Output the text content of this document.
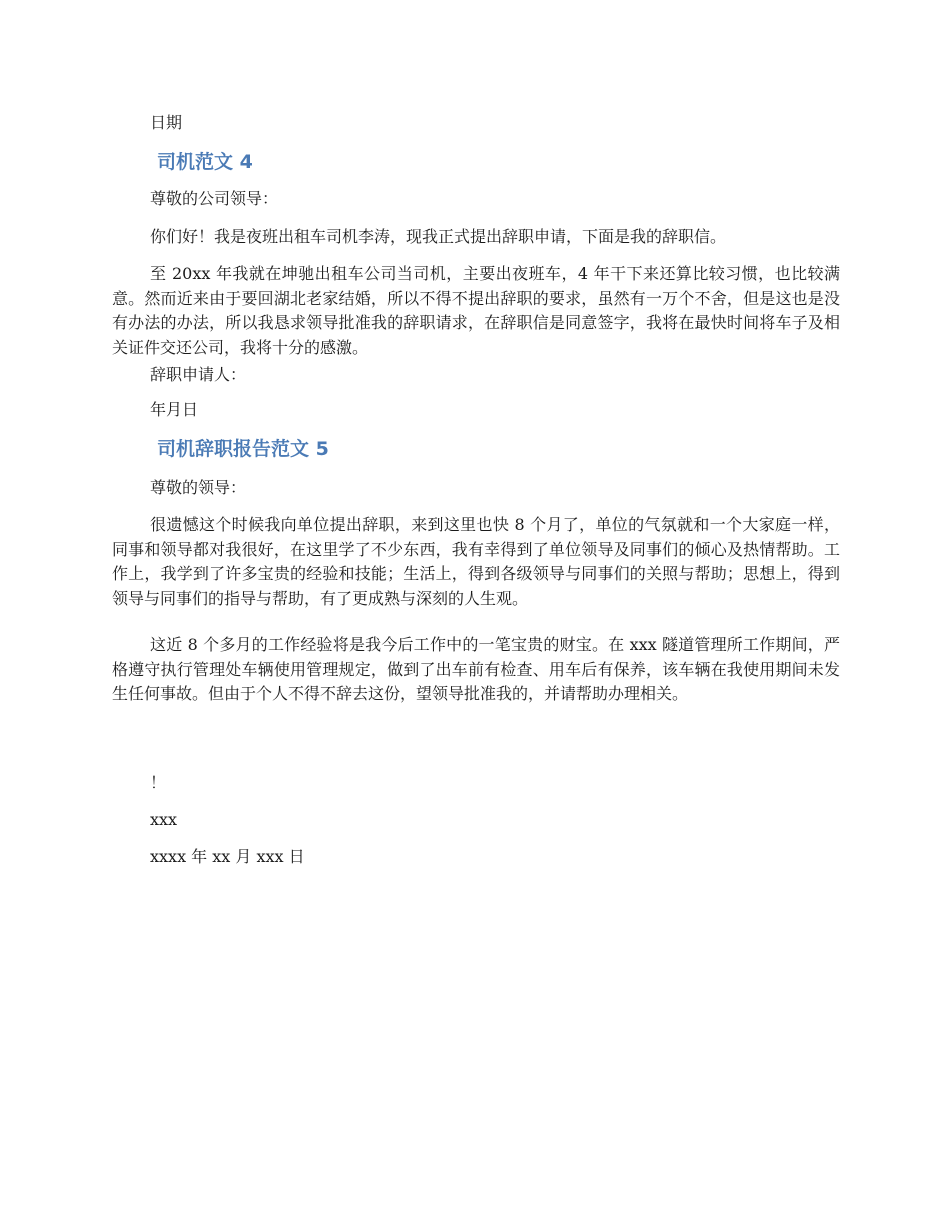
日期
司机范文 4
尊敬的公司领导：
你们好！我是夜班出租车司机李涛，现我正式提出辞职申请，下面是我的辞职信。
至 20xx 年我就在坤驰出租车公司当司机，主要出夜班车，4 年干下来还算比较习惯，也比较满意。然而近来由于要回湖北老家结婚，所以不得不提出辞职的要求，虽然有一万个不舍，但是这也是没有办法的办法，所以我恳求领导批准我的辞职请求，在辞职信是同意签字，我将在最快时间将车子及相关证件交还公司，我将十分的感激。
辞职申请人：
年月日
司机辞职报告范文 5
尊敬的领导：
很遗憾这个时候我向单位提出辞职，来到这里也快 8 个月了，单位的气氛就和一个大家庭一样，同事和领导都对我很好，在这里学了不少东西，我有幸得到了单位领导及同事们的倾心及热情帮助。工作上，我学到了许多宝贵的经验和技能；生活上，得到各级领导与同事们的关照与帮助；思想上，得到领导与同事们的指导与帮助，有了更成熟与深刻的人生观。
这近 8 个多月的工作经验将是我今后工作中的一笔宝贵的财宝。在 xxx 隧道管理所工作期间，严格遵守执行管理处车辆使用管理规定，做到了出车前有检查、用车后有保养，该车辆在我使用期间未发生任何事故。但由于个人不得不辞去这份，望领导批准我的，并请帮助办理相关。
！
xxx
xxxx 年 xx 月 xxx 日
